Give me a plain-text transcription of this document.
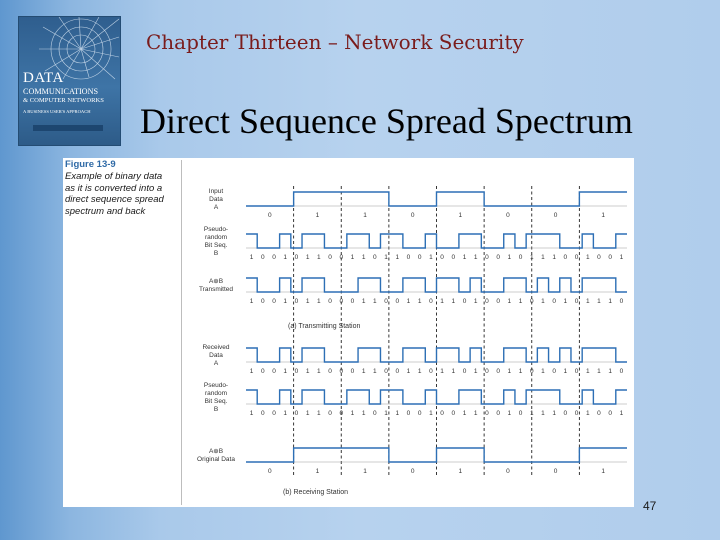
DATA
COMMUNICATIONS
& COMPUTER NETWORKS
A BUSINESS USER'S APPROACH
Chapter Thirteen – Network Security
Direct Sequence Spread Spectrum
Figure 13-9
Example of binary data as it is converted into a direct sequence spread spectrum and back	0	1	1	0	1	0	0	1
Input
Data
A
1 0 0 1 0 1 1 0 0 1 1 0 1 1 0 0 1 0 0 1 1 0 0 1 0 1 1 1 0 0 1 0 0 1
Pseudo-
random
Bit Seq.
B
1 0 0 1 0 1 1 0 0 0 1 1 0 0 1 1 0 1 1 0 1 0 0 1 1 0 1 0 1 0 1 1 1 0
A⊕B
Transmitted
1 0 0 1 0 1 1 0 0 0 1 1 0 0 1 1 0 1 1 0 1 0 0 1 1 0 1 0 1 0 1 1 1 0
Received
Data
A
1 0 0 1 0 1 1 0 0 1 1 0 1 1 0 0 1 0 0 1 1 0 0 1 0 1 1 1 0 0 1 0 0 1
Pseudo-
random
Bit Seq.
B
0	1	1	0	1	0	0	1
A⊕B
Original Data
(a) Transmitting Station
(b) Receiving Station
47
